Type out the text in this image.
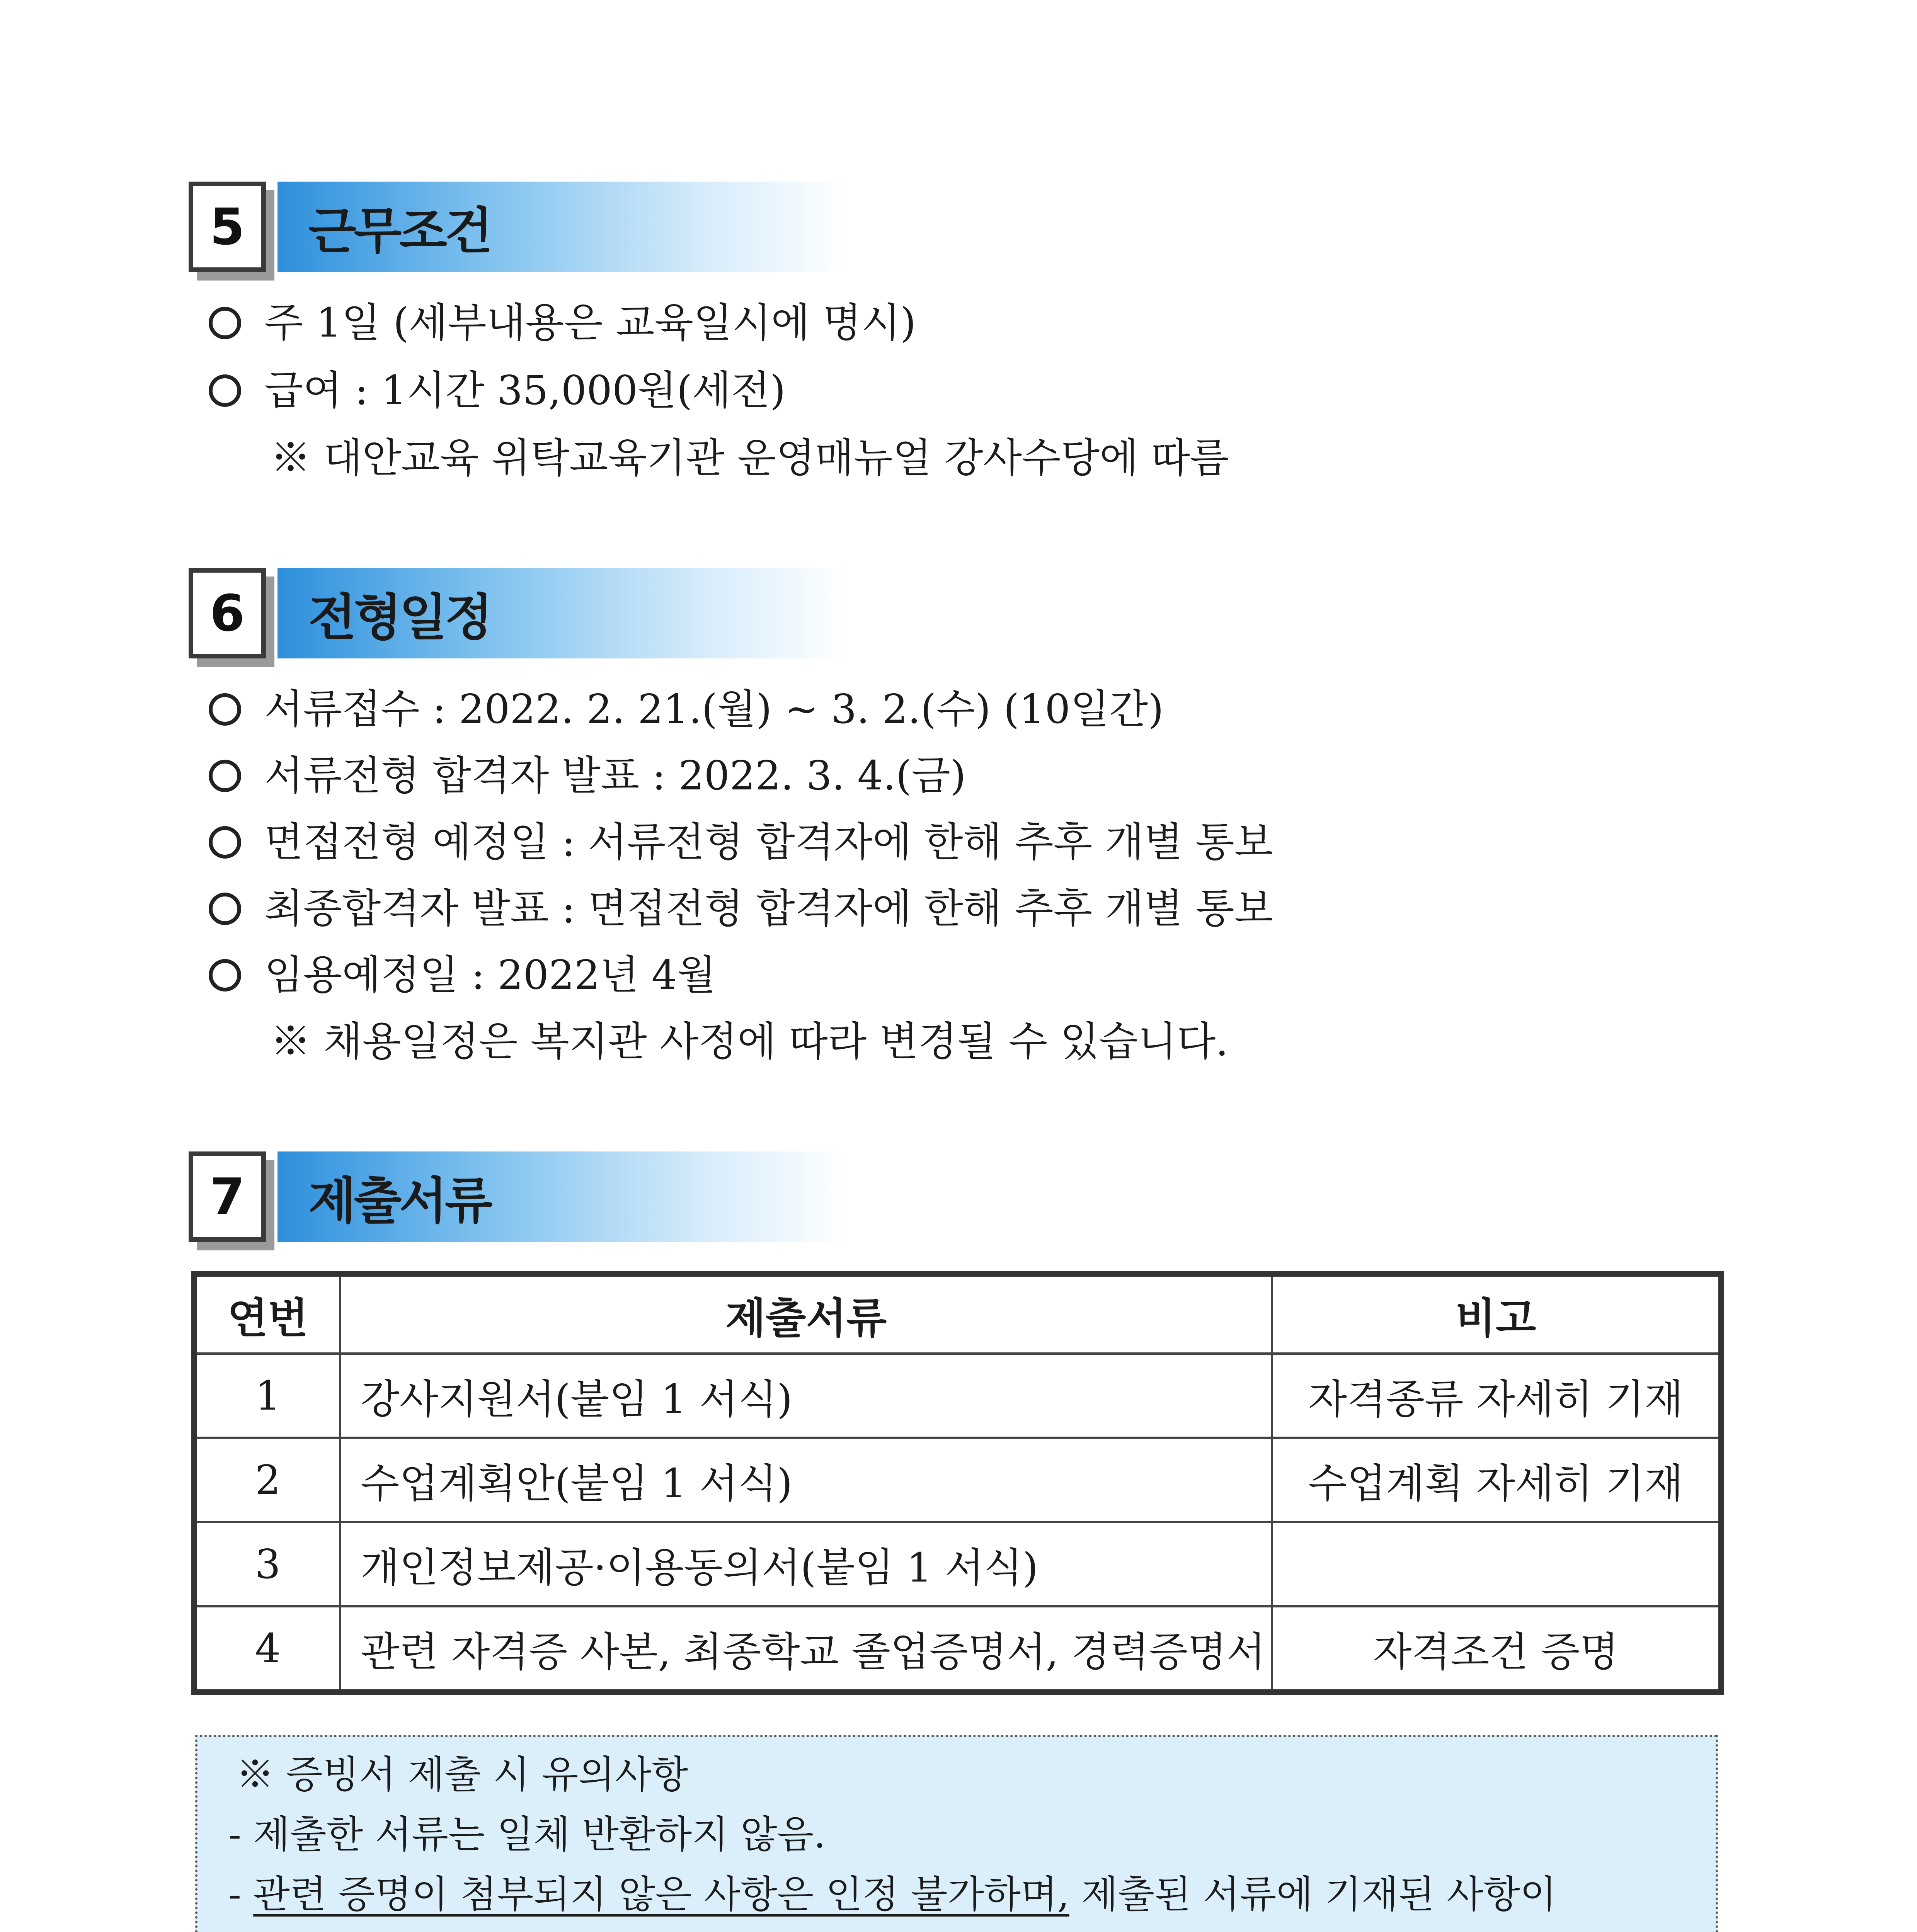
5	근무조건
주 1일 (세부내용은 교육일시에 명시)
급여 : 1시간 35,000원(세전)
※ 대안교육 위탁교육기관 운영매뉴얼 강사수당에 따름
6	전형일정
서류접수 : 2022. 2. 21.(월) ~ 3. 2.(수) (10일간)
서류전형 합격자 발표 : 2022. 3. 4.(금)
면접전형 예정일 : 서류전형 합격자에 한해 추후 개별 통보
최종합격자 발표 : 면접전형 합격자에 한해 추후 개별 통보
임용예정일 : 2022년 4월
※ 채용일정은 복지관 사정에 따라 변경될 수 있습니다.
7	제출서류
연번	제출서류	비고
1	강사지원서(붙임 1 서식)	자격종류 자세히 기재
2	수업계획안(붙임 1 서식)	수업계획 자세히 기재
3	개인정보제공·이용동의서(붙임 1 서식)	
4	관련 자격증 사본, 최종학교 졸업증명서, 경력증명서	자격조건 증명
※ 증빙서 제출 시 유의사항
- 제출한 서류는 일체 반환하지 않음.
- 관련 증명이 첨부되지 않은 사항은 인정 불가하며, 제출된 서류에 기재된 사항이
